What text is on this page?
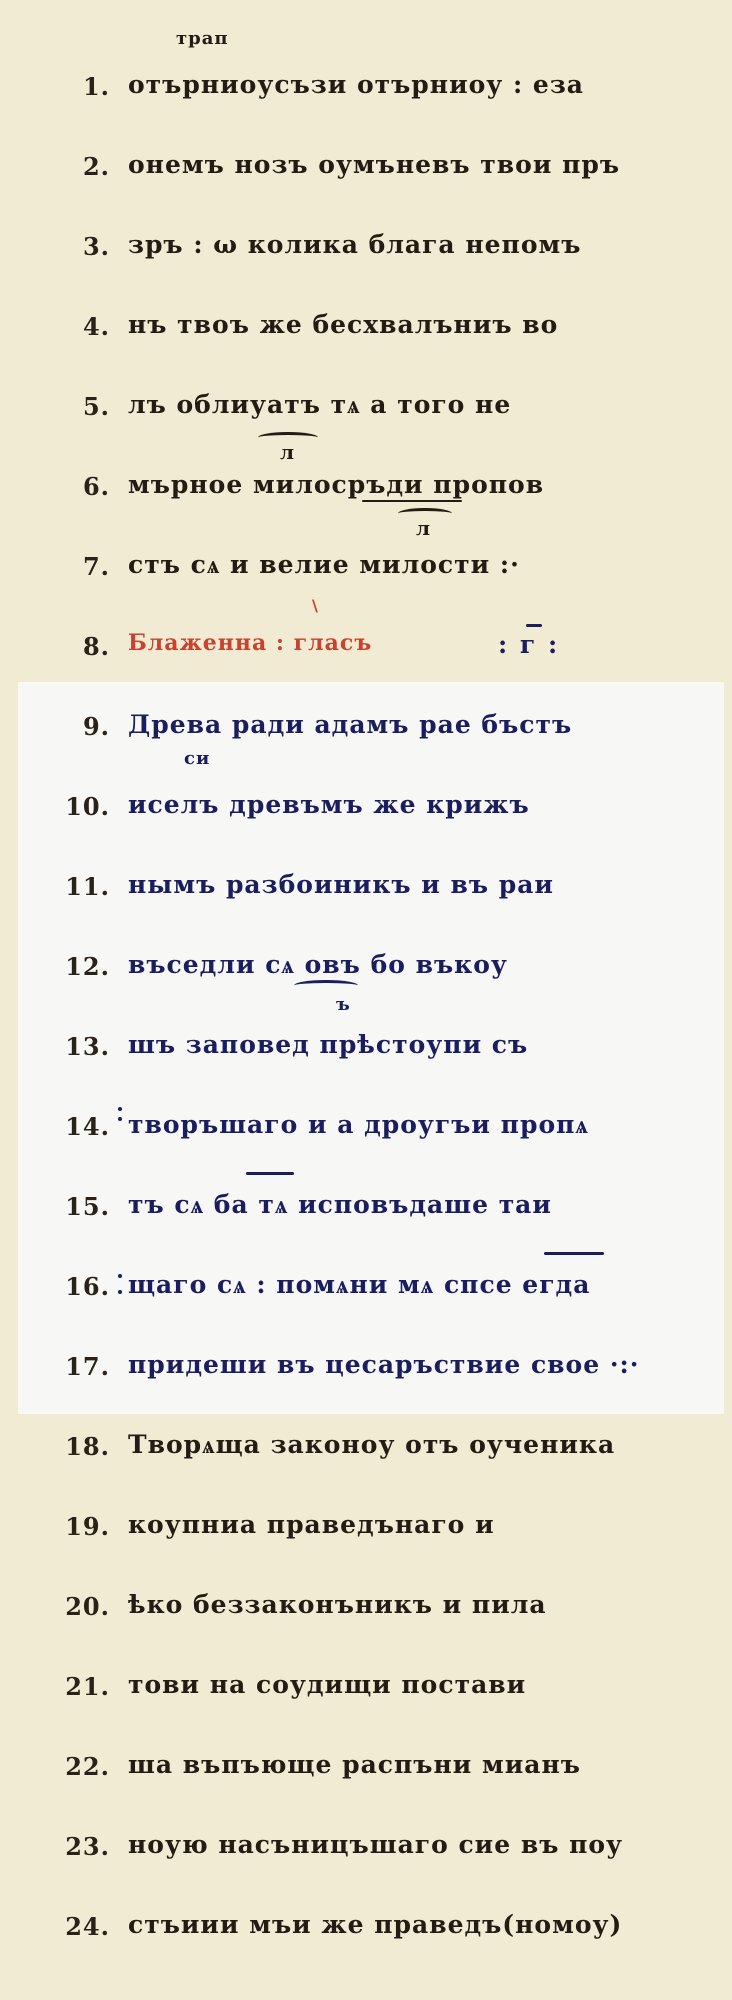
трап
1. отърниоусъзи отърниоу : еза
2. онемъ нозъ оумъневъ твои пръ
3. зръ : ω колика блага непомъ
4. нъ твоъ же бесхвалъниъ во
5. лъ облиуатъ тѧ а того не
л
6. мърное милосръди пропов
л
7. стъ сѧ и велие милости :·
\
8. Блаженна : гласъ	: г :
9. Древа ради адамъ рае бъстъ
си
10. иселъ древъмъ же крижъ
11. нымъ разбоиникъ и въ раи
12. въседли сѧ овъ бо въкоу
ъ
13. шъ заповед прѣстоупи съ
14. творъшаго и а дроугъи пропѧ
15. тъ сѧ ба тѧ исповъдаше таи
16. щаго сѧ : помѧни мѧ спсе егда
17. придеши въ цесаръствие свое ·:·
18. Творѧща законоу отъ оученика
19. коупниа праведънаго и
20. ѣко беззаконъникъ и пила
21. тови на соудищи постави
22. ша въпъюще распъни мианъ
23. ноую насъницъшаго сие въ поу
24. стъиии мъи же праведъ(номоу)
